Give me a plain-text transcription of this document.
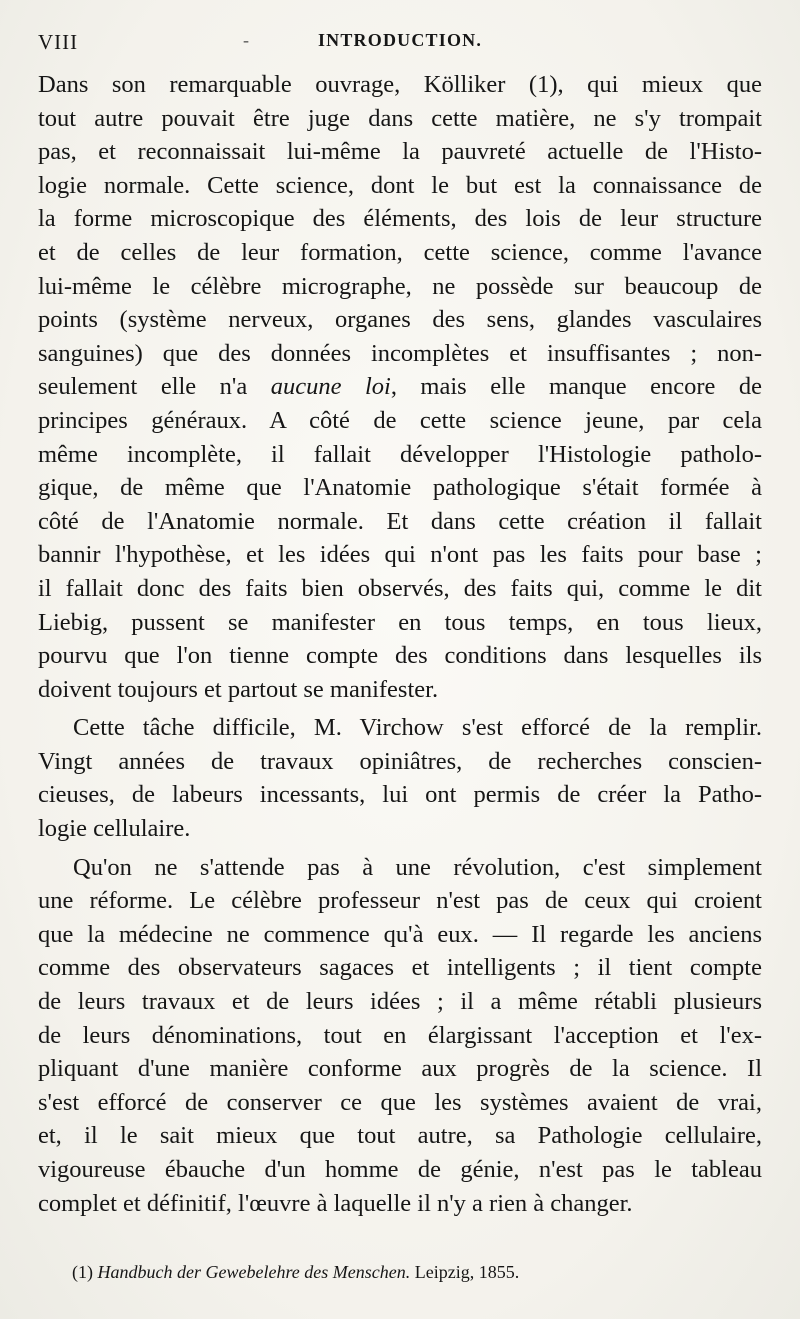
VIII	-	INTRODUCTION.

Dans son remarquable ouvrage, Kölliker (1), qui mieux que
tout autre pouvait être juge dans cette matière, ne s'y trompait
pas, et reconnaissait lui-même la pauvreté actuelle de l'Histo-
logie normale. Cette science, dont le but est la connaissance de
la forme microscopique des éléments, des lois de leur structure
et de celles de leur formation, cette science, comme l'avance
lui-même le célèbre micrographe, ne possède sur beaucoup de
points (système nerveux, organes des sens, glandes vasculaires
sanguines) que des données incomplètes et insuffisantes ; non-
seulement elle n'a aucune loi, mais elle manque encore de
principes généraux. A côté de cette science jeune, par cela
même incomplète, il fallait développer l'Histologie patholo-
gique, de même que l'Anatomie pathologique s'était formée à
côté de l'Anatomie normale. Et dans cette création il fallait
bannir l'hypothèse, et les idées qui n'ont pas les faits pour base ;
il fallait donc des faits bien observés, des faits qui, comme le dit
Liebig, pussent se manifester en tous temps, en tous lieux,
pourvu que l'on tienne compte des conditions dans lesquelles ils
doivent toujours et partout se manifester.

Cette tâche difficile, M. Virchow s'est efforcé de la remplir.
Vingt années de travaux opiniâtres, de recherches conscien-
cieuses, de labeurs incessants, lui ont permis de créer la Patho-
logie cellulaire.

Qu'on ne s'attende pas à une révolution, c'est simplement
une réforme. Le célèbre professeur n'est pas de ceux qui croient
que la médecine ne commence qu'à eux. — Il regarde les anciens
comme des observateurs sagaces et intelligents ; il tient compte
de leurs travaux et de leurs idées ; il a même rétabli plusieurs
de leurs dénominations, tout en élargissant l'acception et l'ex-
pliquant d'une manière conforme aux progrès de la science. Il
s'est efforcé de conserver ce que les systèmes avaient de vrai,
et, il le sait mieux que tout autre, sa Pathologie cellulaire,
vigoureuse ébauche d'un homme de génie, n'est pas le tableau
complet et définitif, l'œuvre à laquelle il n'y a rien à changer.

(1) Handbuch der Gewebelehre des Menschen. Leipzig, 1855.
